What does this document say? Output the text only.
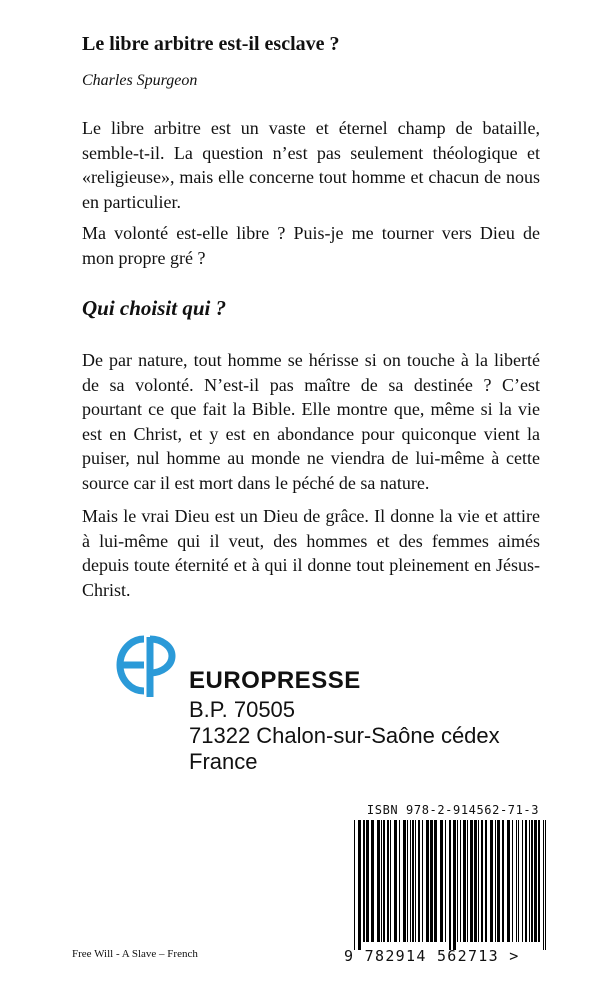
Le libre arbitre est-il esclave ?

Charles Spurgeon

Le libre arbitre est un vaste et éternel champ de bataille, semble-t-il. La question n’est pas seulement théologique et «religieuse», mais elle concerne tout homme et chacun de nous en particulier.

Ma volonté est-elle libre ? Puis-je me tourner vers Dieu de mon propre gré ?

Qui choisit qui ?

De par nature, tout homme se hérisse si on touche à la liberté de sa volonté. N’est-il pas maître de sa destinée ? C’est pourtant ce que fait la Bible. Elle montre que, même si la vie est en Christ, et y est en abondance pour quiconque vient la puiser, nul homme au monde ne viendra de lui-même à cette source car il est mort dans le péché de sa nature.

Mais le vrai Dieu est un Dieu de grâce. Il donne la vie et attire à lui-même qui il veut, des hommes et des femmes aimés depuis toute éternité et à qui il donne tout pleinement en Jésus-Christ.

EUROPRESSE
B.P. 70505
71322 Chalon-sur-Saône cédex
France
ISBN 978-2-914562-71-3
9 782914 562713 >
Free Will - A Slave – French
